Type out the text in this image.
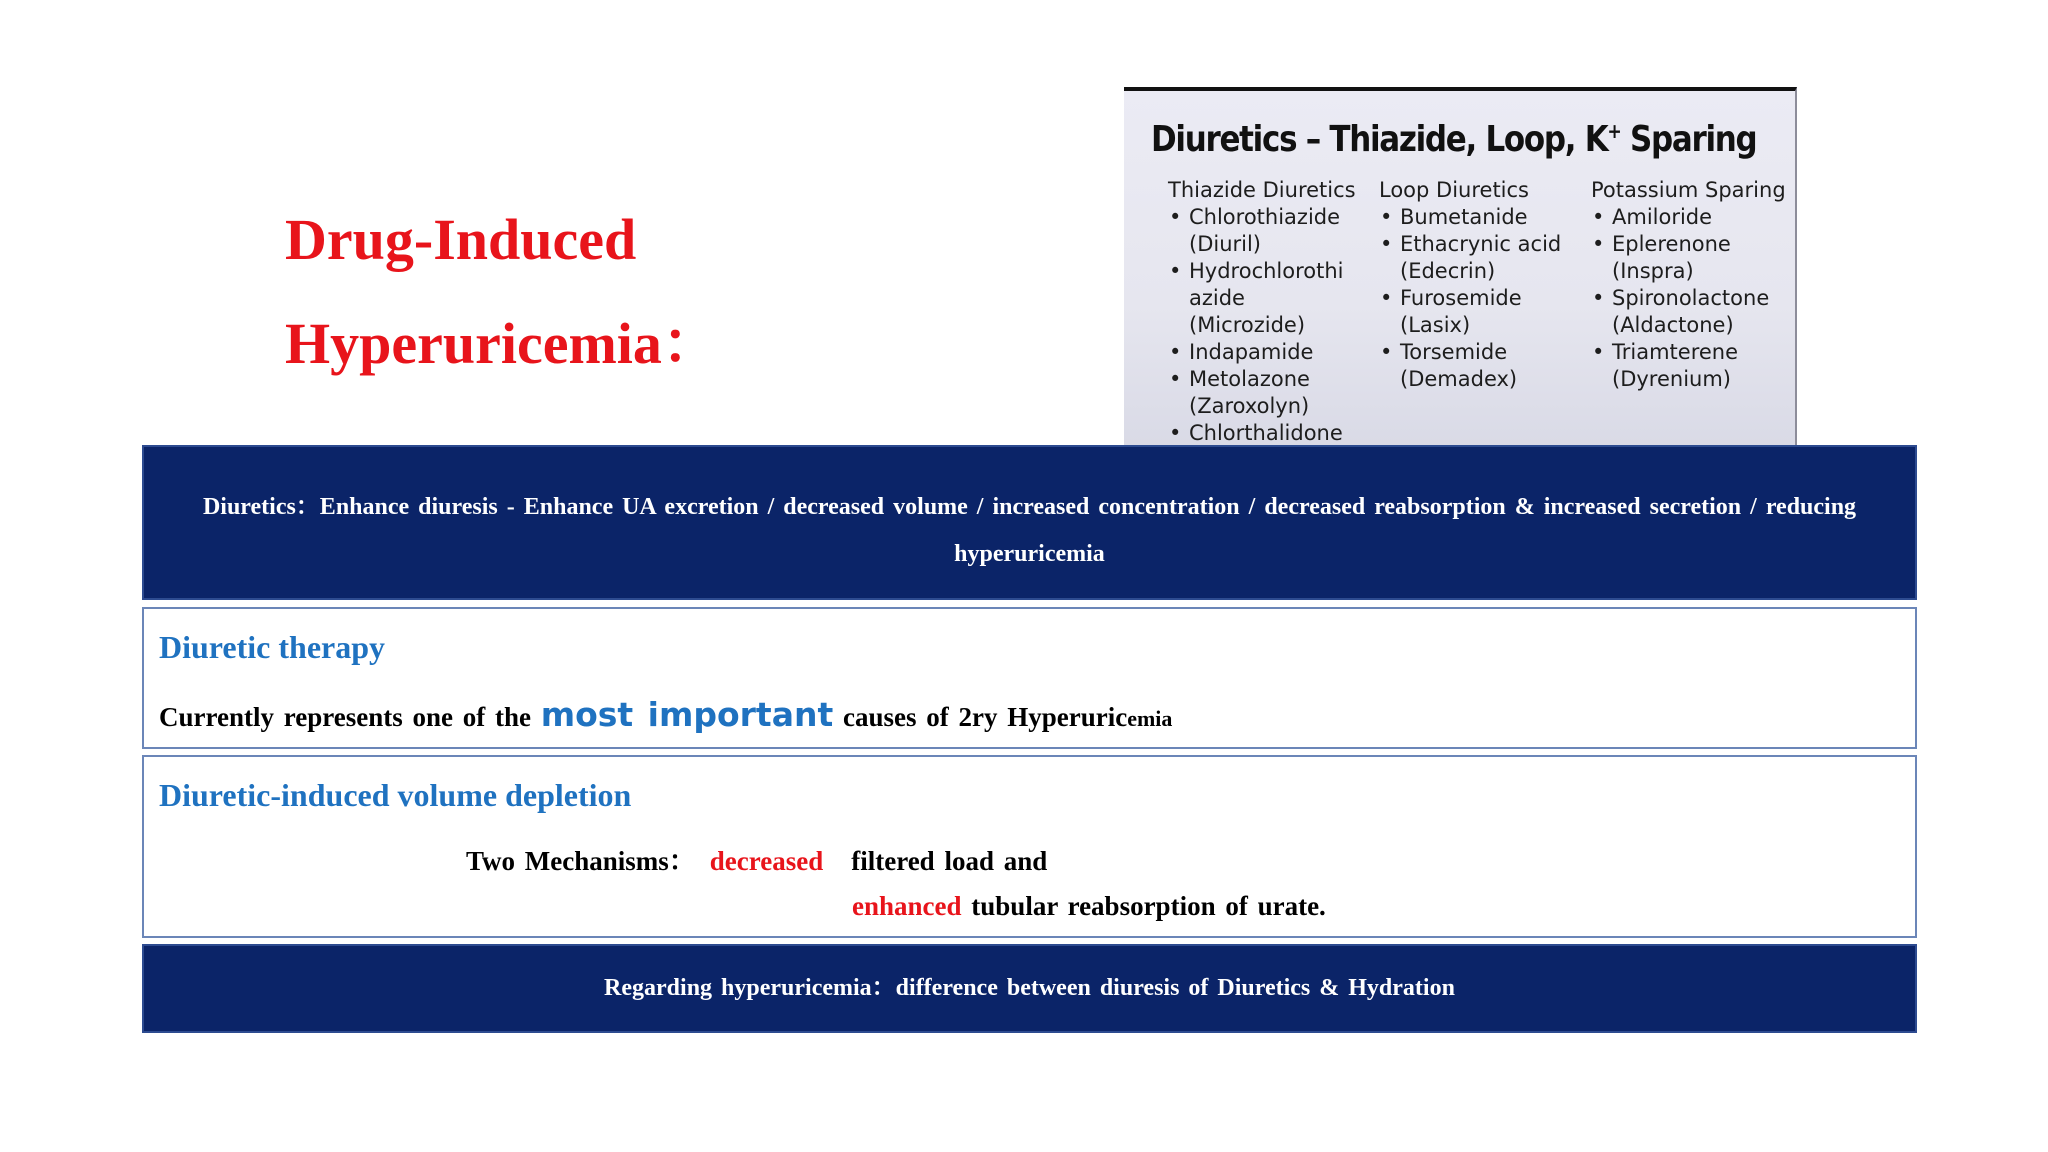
Drug-Induced
Hyperuricemia：
Diuretics – Thiazide, Loop, K+ Sparing
Thiazide Diuretics
• Chlorothiazide
(Diuril)
• Hydrochlorothi
azide
(Microzide)
• Indapamide
• Metolazone
(Zaroxolyn)
• Chlorthalidone
Loop Diuretics
• Bumetanide
• Ethacrynic acid
(Edecrin)
• Furosemide
(Lasix)
• Torsemide
(Demadex)
Potassium Sparing
• Amiloride
• Eplerenone
(Inspra)
• Spironolactone
(Aldactone)
• Triamterene
(Dyrenium)
Diuretics：Enhance diuresis - Enhance UA excretion / decreased volume / increased concentration / decreased reabsorption & increased secretion / reducing hyperuricemia
Diuretic therapy
Currently represents one of the most important causes of 2ry Hyperuricemia
Diuretic-induced volume depletion
Two Mechanisms： decreased filtered load and
enhanced tubular reabsorption of urate.
Regarding hyperuricemia：difference between diuresis of Diuretics & Hydration
